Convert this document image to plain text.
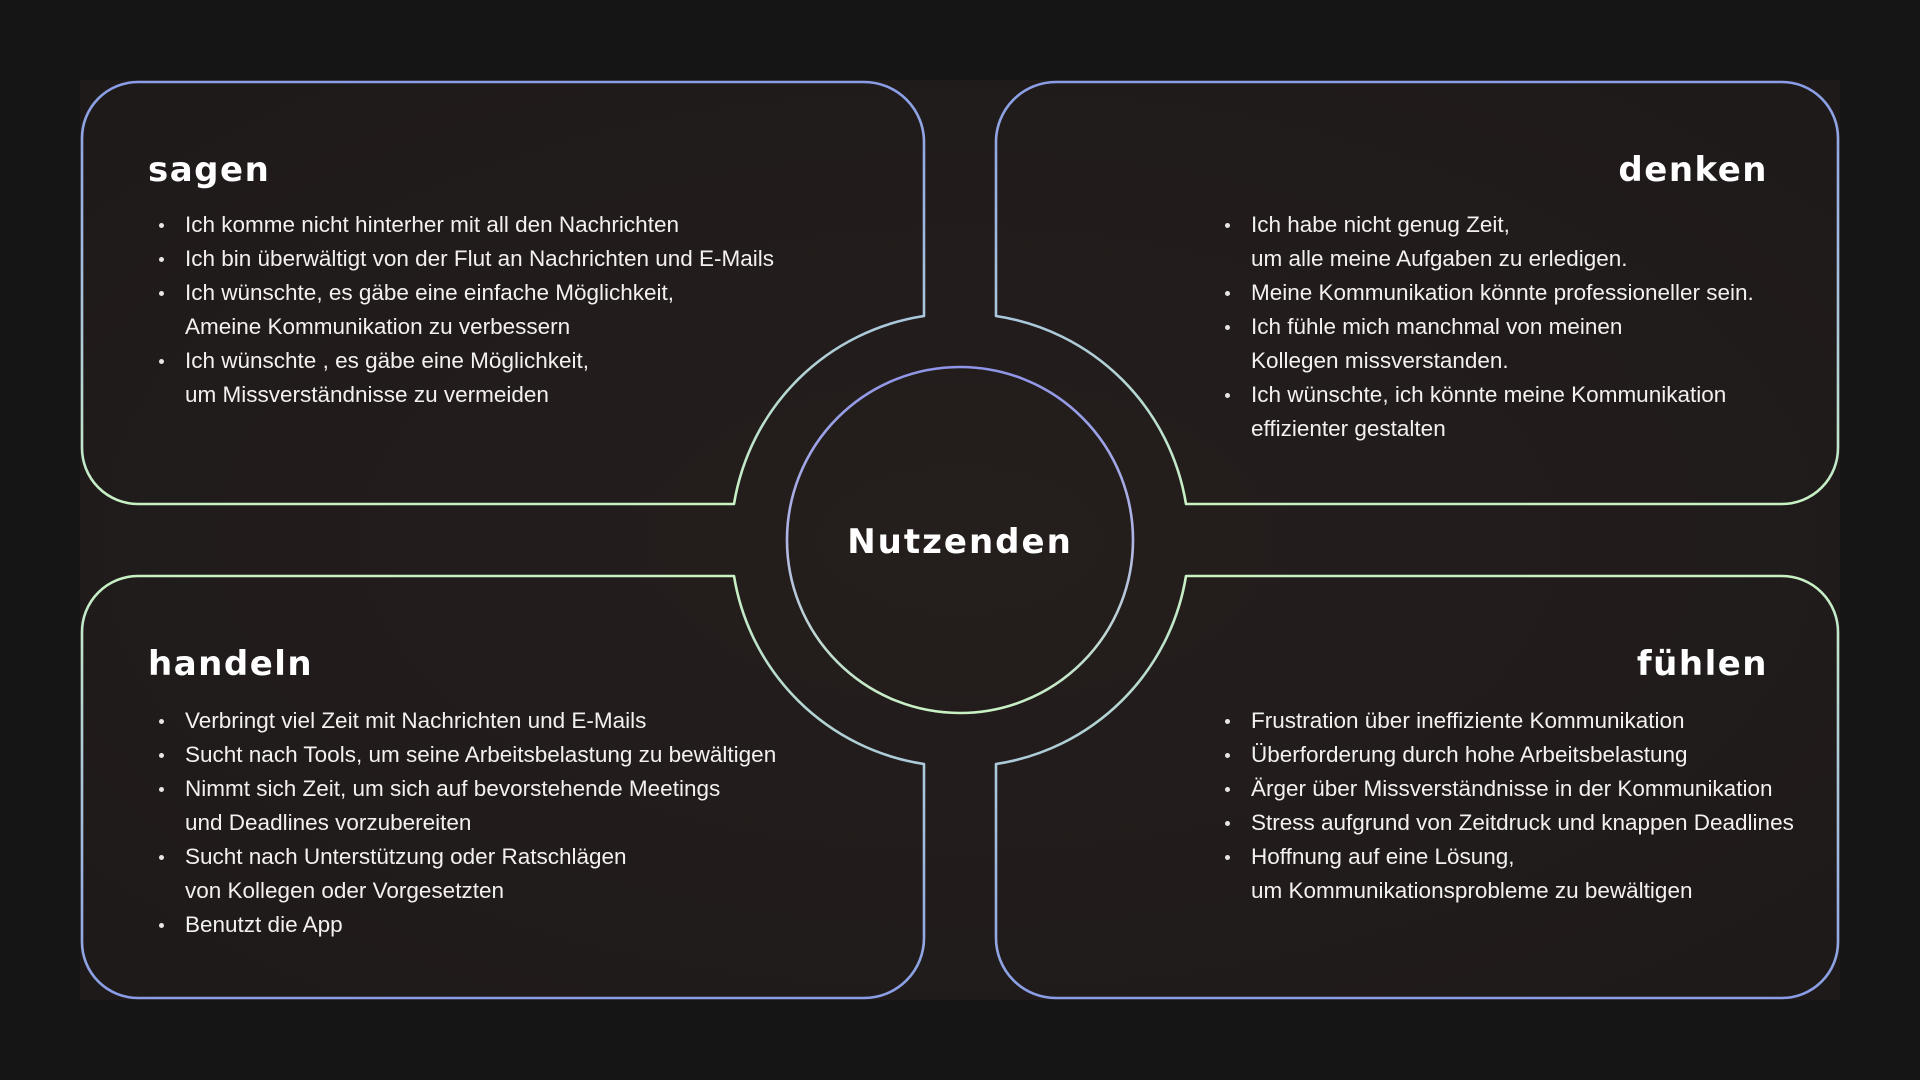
sagen
Ich komme nicht hinterher mit all den Nachrichten
Ich bin überwältigt von der Flut an Nachrichten und E-Mails
Ich wünschte, es gäbe eine einfache Möglichkeit,
Ameine Kommunikation zu verbessern
Ich wünschte , es gäbe eine Möglichkeit,
um Missverständnisse zu vermeiden
denken
Ich habe nicht genug Zeit,
um alle meine Aufgaben zu erledigen.
Meine Kommunikation könnte professioneller sein.
Ich fühle mich manchmal von meinen
Kollegen missverstanden.
Ich wünschte, ich könnte meine Kommunikation
effizienter gestalten
handeln
Verbringt viel Zeit mit Nachrichten und E-Mails
Sucht nach Tools, um seine Arbeitsbelastung zu bewältigen
Nimmt sich Zeit, um sich auf bevorstehende Meetings
und Deadlines vorzubereiten
Sucht nach Unterstützung oder Ratschlägen
von Kollegen oder Vorgesetzten
Benutzt die App
fühlen
Frustration über ineffiziente Kommunikation
Überforderung durch hohe Arbeitsbelastung
Ärger über Missverständnisse in der Kommunikation
Stress aufgrund von Zeitdruck und knappen Deadlines
Hoffnung auf eine Lösung,
um Kommunikationsprobleme zu bewältigen
Nutzenden
